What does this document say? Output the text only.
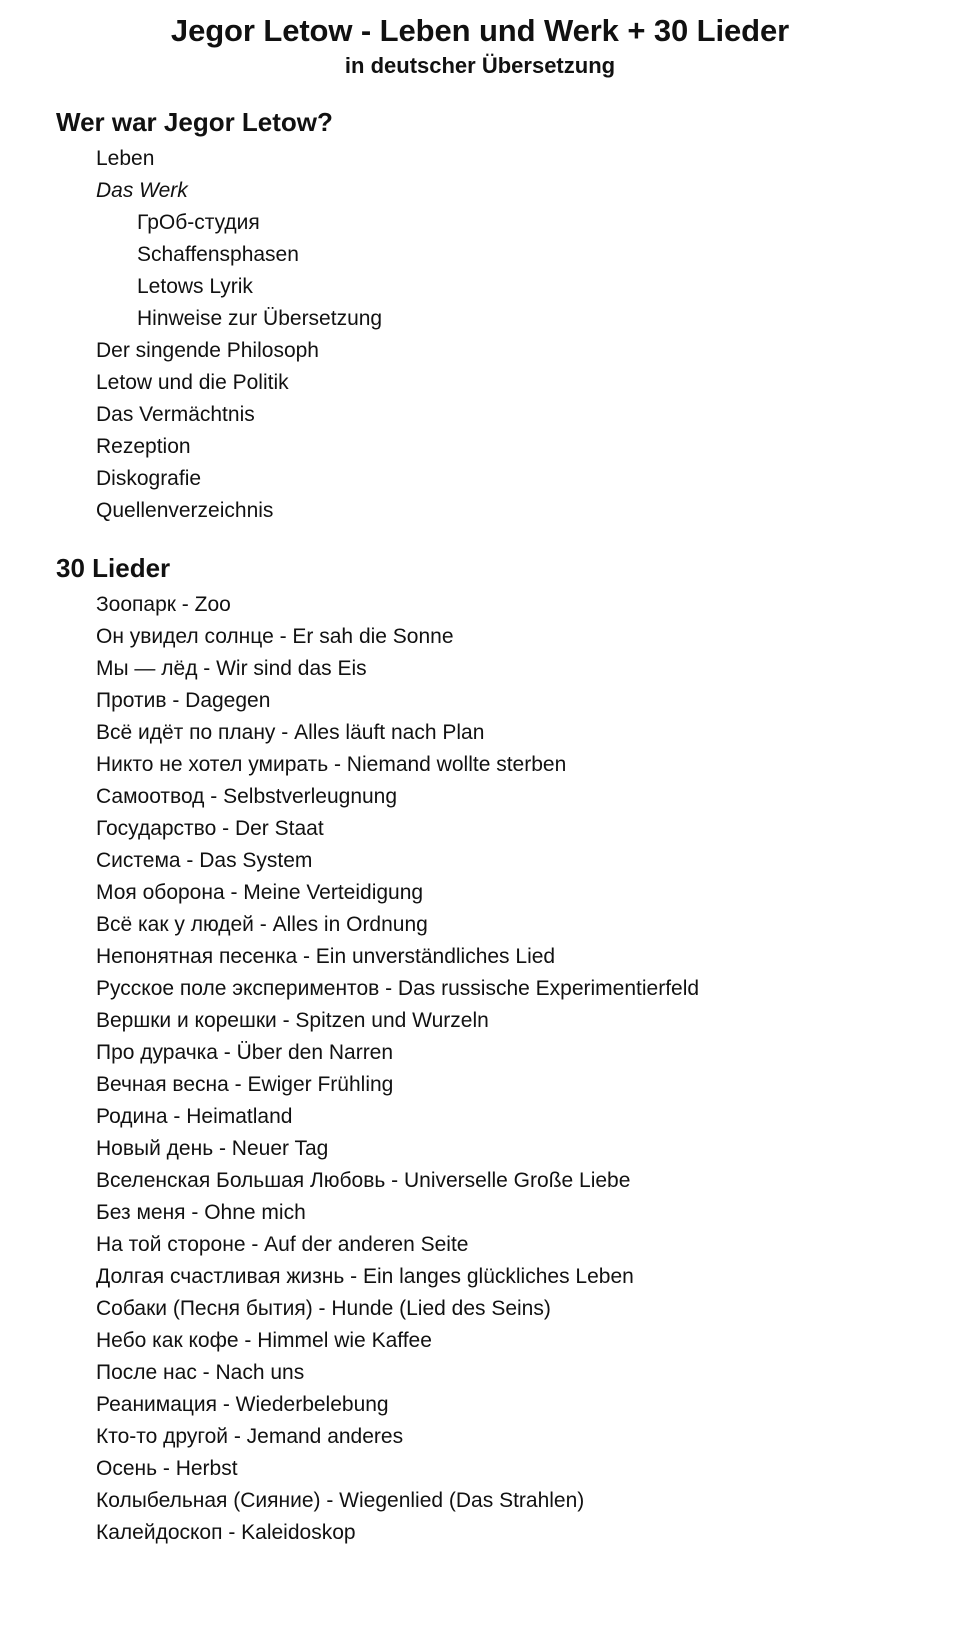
Jegor Letow - Leben und Werk + 30 Lieder
in deutscher Übersetzung
Wer war Jegor Letow?
Leben
Das Werk
ГрОб-студия
Schaffensphasen
Letows Lyrik
Hinweise zur Übersetzung
Der singende Philosoph
Letow und die Politik
Das Vermächtnis
Rezeption
Diskografie
Quellenverzeichnis
30 Lieder
Зоопарк - Zoo
Он увидел солнце - Er sah die Sonne
Мы — лёд - Wir sind das Eis
Против - Dagegen
Всё идёт по плану - Alles läuft nach Plan
Никто не хотел умирать - Niemand wollte sterben
Самоотвод - Selbstverleugnung
Государство - Der Staat
Система - Das System
Моя оборона - Meine Verteidigung
Всё как у людей - Alles in Ordnung
Непонятная песенка - Ein unverständliches Lied
Русское поле экспериментов - Das russische Experimentierfeld
Вершки и корешки - Spitzen und Wurzeln
Про дурачка - Über den Narren
Вечная весна - Ewiger Frühling
Родина - Heimatland
Новый день - Neuer Tag
Вселенская Большая Любовь - Universelle Große Liebe
Без меня - Ohne mich
На той стороне - Auf der anderen Seite
Долгая счастливая жизнь - Ein langes glückliches Leben
Собаки (Песня бытия) - Hunde (Lied des Seins)
Небо как кофе - Himmel wie Kaffee
После нас - Nach uns
Реанимация - Wiederbelebung
Кто-то другой - Jemand anderes
Осень - Herbst
Колыбельная (Сияние) - Wiegenlied (Das Strahlen)
Калейдоскоп - Kaleidoskop
